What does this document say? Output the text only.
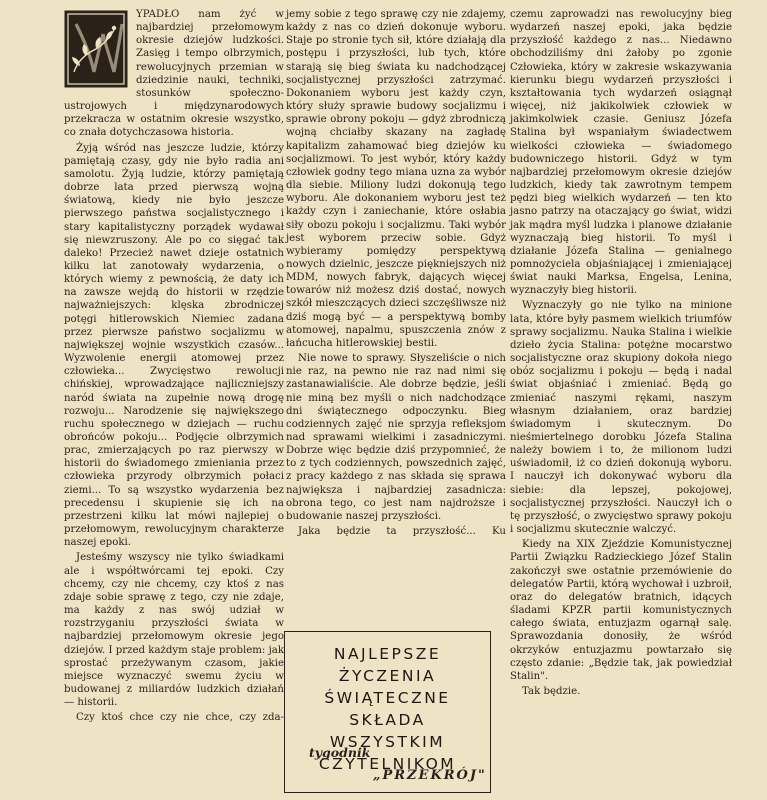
YPADŁO nam żyć w najbardziej przełomowym okresie dziejów ludzkości. Zasięg i tempo olbrzymich, rewolucyjnych przemian w dziedzinie nauki, techniki, stosunków społeczno-ustrojowych i międzynarodowych przekracza w ostatnim okresie wszystko, co znała dotychczasowa historia.

Żyją wśród nas jeszcze ludzie, którzy pamiętają czasy, gdy nie było radia ani samolotu. Żyją ludzie, którzy pamiętają dobrze lata przed pierwszą wojną światową, kiedy nie było jeszcze pierwszego państwa socjalistycznego i stary kapitalistyczny porządek wydawał się niewzruszony. Ale po co sięgać tak daleko! Przecież nawet dzieje ostatnich kilku lat zanotowały wydarzenia, o których wiemy z pewnością, że daty ich na zawsze wejdą do historii w rzędzie najważniejszych: klęska zbrodniczej potęgi hitlerowskich Niemiec zadana przez pierwsze państwo socjalizmu w największej wojnie wszystkich czasów... Wyzwolenie energii atomowej przez człowieka... Zwycięstwo rewolucji chińskiej, wprowadzające najliczniejszy naród świata na zupełnie nową drogę rozwoju... Narodzenie się największego ruchu społecznego w dziejach — ruchu obrońców pokoju... Podjęcie olbrzymich prac, zmierzających po raz pierwszy w historii do świadomego zmieniania przez człowieka przyrody olbrzymich połaci ziemi... To są wszystko wydarzenia bez precedensu i skupienie się ich na przestrzeni kilku lat mówi najlepiej o przełomowym, rewolucyjnym charakterze naszej epoki.

Jesteśmy wszyscy nie tylko świadkami ale i współtwórcami tej epoki. Czy chcemy, czy nie chcemy, czy ktoś z nas zdaje sobie sprawę z tego, czy nie zdaje, ma każdy z nas swój udział w rozstrzyganiu przyszłości świata w najbardziej przełomowym okresie jego dziejów. I przed każdym staje problem: jak sprostać przeżywanym czasom, jakie miejsce wyznaczyć swemu życiu w budowanej z miliardów ludzkich działań — historii.

Czy ktoś chce czy nie chce, czy zda-

jemy sobie z tego sprawę czy nie zdajemy, każdy z nas co dzień dokonuje wyboru. Staje po stronie tych sił, które działają dla postępu i przyszłości, lub tych, które starają się bieg świata ku nadchodzącej socjalistycznej przyszłości zatrzymać. Dokonaniem wyboru jest każdy czyn, który służy sprawie budowy socjalizmu i sprawie obrony pokoju — gdyż zbrodniczą wojną chciałby skazany na zagładę kapitalizm zahamować bieg dziejów ku socjalizmowi. To jest wybór, który każdy człowiek godny tego miana uzna za wybór dla siebie. Miliony ludzi dokonują tego wyboru. Ale dokonaniem wyboru jest też każdy czyn i zaniechanie, które osłabia siły obozu pokoju i socjalizmu. Taki wybór jest wyborem przeciw sobie. Gdyż wybieramy pomiędzy perspektywą nowych dzielnic, jeszcze piękniejszych niż MDM, nowych fabryk, dających więcej towarów niż możesz dziś dostać, nowych szkół mieszczących dzieci szczęśliwsze niż dziś mogą być — a perspektywą bomby atomowej, napalmu, spuszczenia znów z łańcucha hitlerowskiej bestii.

Nie nowe to sprawy. Słyszeliście o nich nie raz, na pewno nie raz nad nimi się zastanawialiście. Ale dobrze będzie, jeśli nie miną bez myśli o nich nadchodzące dni świątecznego odpoczynku. Bieg codziennych zajęć nie sprzyja refleksjom nad sprawami wielkimi i zasadniczymi. Dobrze więc będzie dziś przypomnieć, że to z tych codziennych, powszednich zajęć, z pracy każdego z nas składa się sprawa największa i najbardziej zasadnicza: obrona tego, co jest nam najdroższe i budowanie naszej przyszłości.

Jaka będzie ta przyszłość... Ku

NAJLEPSZE ŻYCZENIA
ŚWIĄTECZNE SKŁADA
WSZYSTKIM
CZYTELNIKOM
tygodnik
„PRZEKRÓJ"

czemu zaprowadzi nas rewolucyjny bieg wydarzeń naszej epoki, jaka będzie przyszłość każdego z nas... Niedawno obchodziliśmy dni żałoby po zgonie Człowieka, który w zakresie wskazywania kierunku biegu wydarzeń przyszłości i kształtowania tych wydarzeń osiągnął więcej, niż jakikolwiek człowiek w jakimkolwiek czasie. Geniusz Józefa Stalina był wspaniałym świadectwem wielkości człowieka — świadomego budowniczego historii. Gdyż w tym najbardziej przełomowym okresie dziejów ludzkich, kiedy tak zawrotnym tempem pędzi bieg wielkich wydarzeń — ten kto jasno patrzy na otaczający go świat, widzi jak mądra myśl ludzka i planowe działanie wyznaczają bieg historii. To myśl i działanie Józefa Stalina — genialnego pomnożyciela objaśniającej i zmieniającej świat nauki Marksa, Engelsa, Lenina, wyznaczyły bieg historii.

Wyznaczyły go nie tylko na minione lata, które były pasmem wielkich triumfów sprawy socjalizmu. Nauka Stalina i wielkie dzieło życia Stalina: potężne mocarstwo socjalistyczne oraz skupiony dokoła niego obóz socjalizmu i pokoju — będą i nadal świat objaśniać i zmieniać. Będą go zmieniać naszymi rękami, naszym własnym działaniem, oraz bardziej świadomym i skutecznym. Do nieśmiertelnego dorobku Józefa Stalina należy bowiem i to, że milionom ludzi uświadomił, iż co dzień dokonują wyboru. I nauczył ich dokonywać wyboru dla siebie: dla lepszej, pokojowej, socjalistycznej przyszłości. Nauczył ich o tę przyszłość, o zwycięstwo sprawy pokoju i socjalizmu skutecznie walczyć.

Kiedy na XIX Zjeździe Komunistycznej Partii Związku Radzieckiego Józef Stalin zakończył swe ostatnie przemówienie do delegatów Partii, którą wychował i uzbroił, oraz do delegatów bratnich, idących śladami KPZR partii komunistycznych całego świata, entuzjazm ogarnął salę. Sprawozdania donosiły, że wśród okrzyków entuzjazmu powtarzało się często zdanie: „Będzie tak, jak powiedział Stalin".

Tak będzie.
